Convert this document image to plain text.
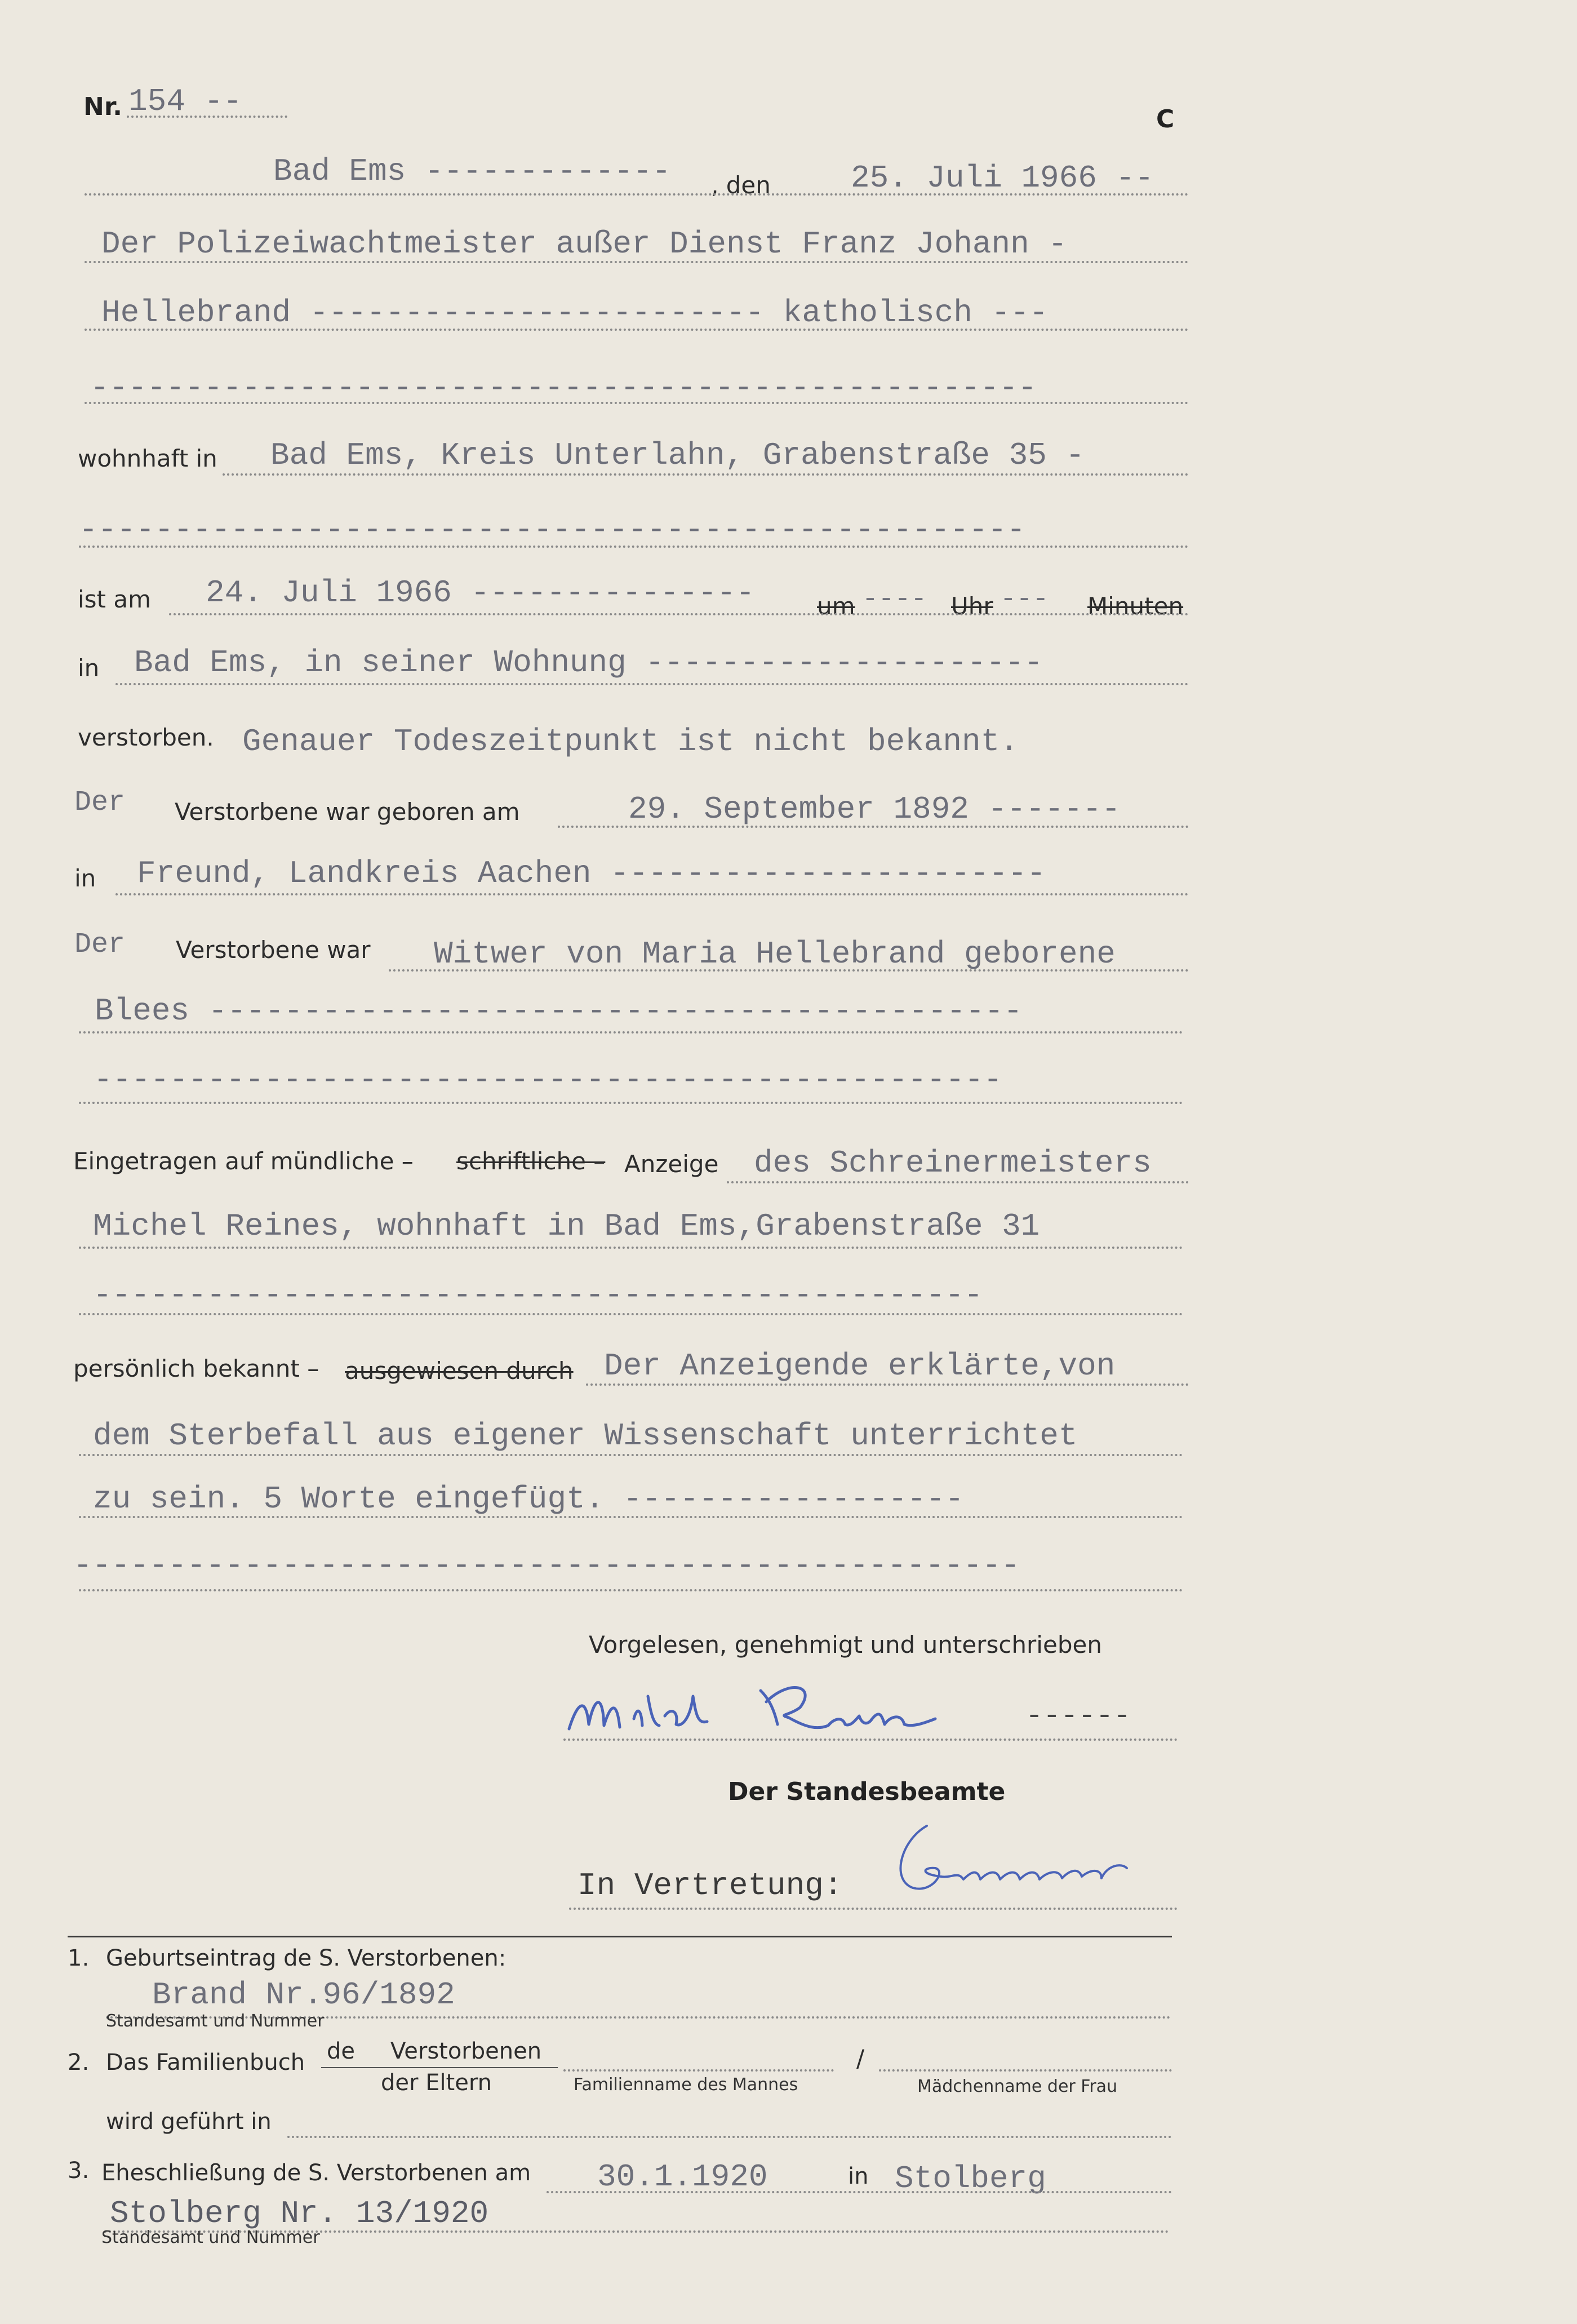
Nr. 154 --	C
Bad Ems ------------- , den	25. Juli 1966 --
Der Polizeiwachtmeister außer Dienst Franz Johann -
Hellebrand ------------------------ katholisch ---
--------------------------------------------------
wohnhaft in Bad Ems, Kreis Unterlahn, Grabenstraße 35 -
--------------------------------------------------
ist am 24. Juli 1966 ---------------	um ---- Uhr --- Minuten
in Bad Ems, in seiner Wohnung ---------------------
verstorben. Genauer Todeszeitpunkt ist nicht bekannt.
Der Verstorbene war geboren am	29. September 1892 -------
in Freund, Landkreis Aachen -----------------------
Der Verstorbene war Witwer von Maria Hellebrand geborene
Blees -------------------------------------------
------------------------------------------------
Eingetragen auf mündliche – schriftliche – Anzeige des Schreinermeisters
Michel Reines, wohnhaft in Bad Ems,Grabenstraße 31
-----------------------------------------------
persönlich bekannt – ausgewiesen durch Der Anzeigende erklärte,von
dem Sterbefall aus eigener Wissenschaft unterrichtet
zu sein. 5 Worte eingefügt. ------------------
--------------------------------------------------
Vorgelesen, genehmigt und unterschrieben
------
Der Standesbeamte
In Vertretung:
1. Geburtseintrag de S. Verstorbenen:
Brand Nr.96/1892
Standesamt und Nummer
2. Das Familienbuch de Verstorbenen
der Eltern	Familienname des Mannes
/
Mädchenname der Frau
wird geführt in
3. Eheschließung de S. Verstorbenen am 30.1.1920	in Stolberg
Stolberg Nr. 13/1920
Standesamt und Nummer
